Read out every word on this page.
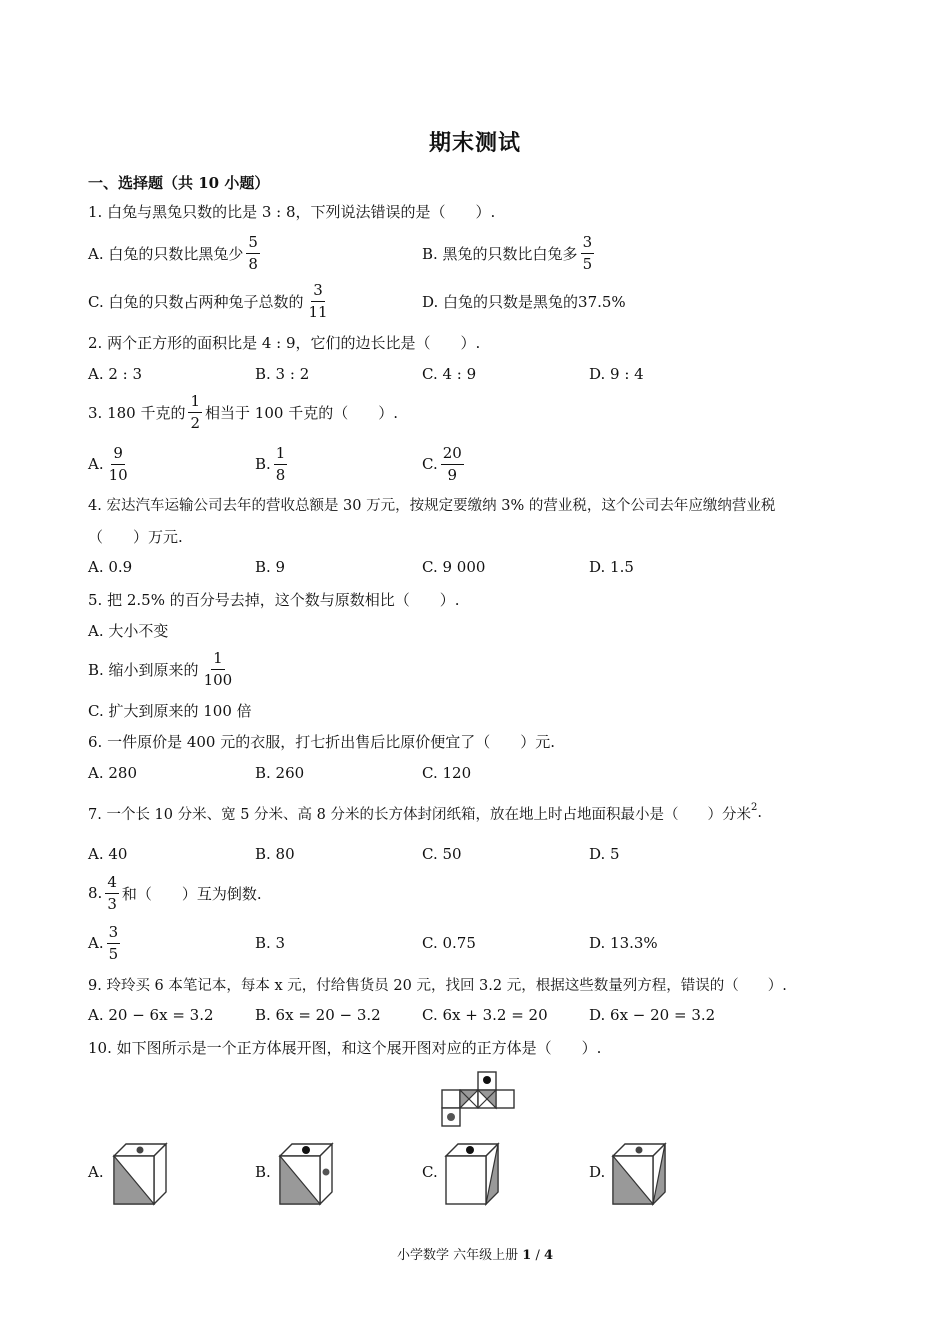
期末测试
一、选择题（共 10 小题）
1. 白兔与黑兔只数的比是 3 : 8，下列说法错误的是（　　）.
A. 白兔的只数比黑兔少 $\frac{5}{8}$	B. 黑兔的只数比白兔多 $\frac{3}{5}$
C. 白兔的只数占两种兔子总数的 $\frac{3}{11}$	D. 白兔的只数是黑兔的37.5%
2. 两个正方形的面积比是 4 : 9，它们的边长比是（　　）.
A. 2 : 3	B. 3 : 2	C. 4 : 9	D. 9 : 4
3. 180 千克的 $\frac{1}{2}$ 相当于 100 千克的（　　）.
A. $\frac{9}{10}$	B. $\frac{1}{8}$	C. $\frac{20}{9}$
4. 宏达汽车运输公司去年的营收总额是 30 万元，按规定要缴纳 3% 的营业税，这个公司去年应缴纳营业税
（　　）万元.
A. 0.9	B. 9	C. 9 000	D. 1.5
5. 把 2.5% 的百分号去掉，这个数与原数相比（　　）.
A. 大小不变
B. 缩小到原来的 $\frac{1}{100}$
C. 扩大到原来的 100 倍
6. 一件原价是 400 元的衣服，打七折出售后比原价便宜了（　　）元.
A. 280	B. 260	C. 120
7. 一个长 10 分米、宽 5 分米、高 8 分米的长方体封闭纸箱，放在地上时占地面积最小是（　　）分米 2 .
A. 40	B. 80	C. 50	D. 5
8. $\frac{4}{3}$ 和（　　）互为倒数.
A. $\frac{3}{5}$	B. 3	C. 0.75	D. 13.3%
9. 玲玲买 6 本笔记本，每本 x 元，付给售货员 20 元，找回 3.2 元，根据这些数量列方程，错误的（　　）.
A. 20 − 6x = 3.2	B. 6x = 20 − 3.2	C. 6x + 3.2 = 20	D. 6x − 20 = 3.2
10. 如下图所示是一个正方体展开图，和这个展开图对应的正方体是（　　）.
A.	B.	C.	D.
小学数学 六年级上册 1 / 4
